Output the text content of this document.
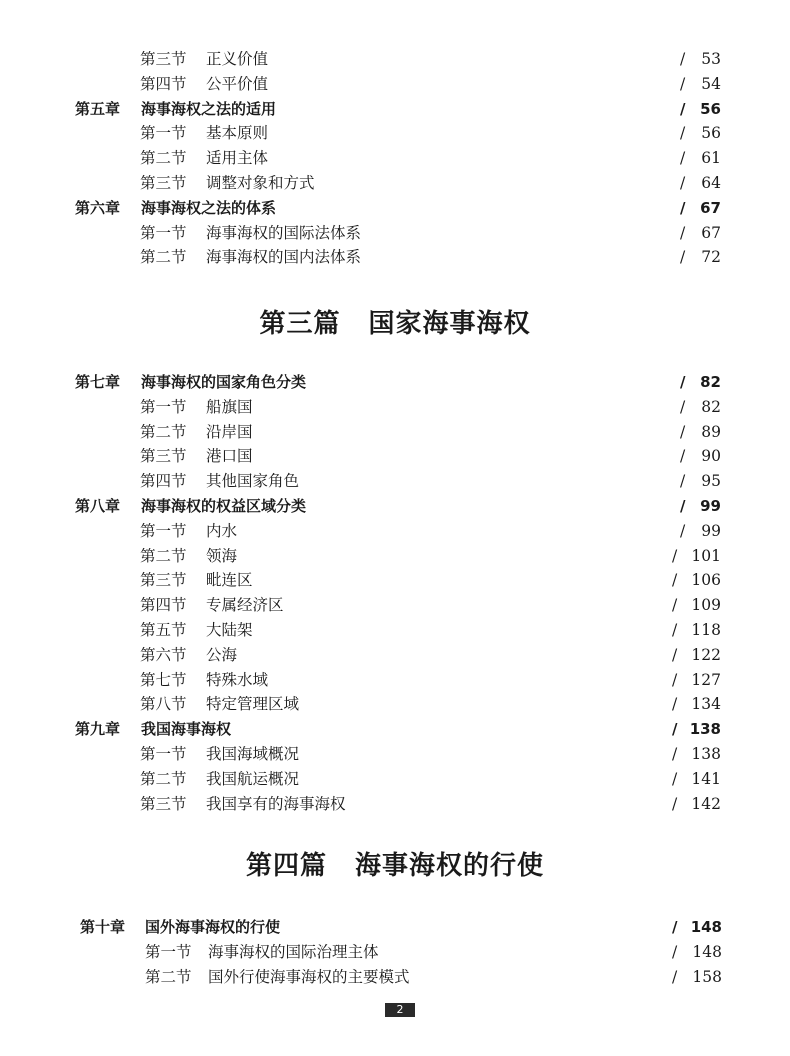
第三节	正义价值	/	53
第四节	公平价值	/	54
第五章	海事海权之法的适用	/ 56
第一节	基本原则	/	56
第二节	适用主体	/	61
第三节	调整对象和方式	/	64
第六章	海事海权之法的体系	/ 67
第一节	海事海权的国际法体系	/	67
第二节	海事海权的国内法体系	/	72
第三篇 国家海事海权
第七章	海事海权的国家角色分类	/ 82
第一节	船旗国	/	82
第二节	沿岸国	/	89
第三节	港口国	/	90
第四节	其他国家角色	/	95
第八章	海事海权的权益区域分类	/ 99
第一节	内水	/	99
第二节	领海	/ 101
第三节	毗连区	/ 106
第四节	专属经济区	/ 109
第五节	大陆架	/ 118
第六节	公海	/ 122
第七节	特殊水域	/ 127
第八节	特定管理区域	/ 134
第九章	我国海事海权	/ 138
第一节	我国海域概况	/ 138
第二节	我国航运概况	/ 141
第三节	我国享有的海事海权	/ 142
第四篇 海事海权的行使
第十章	国外海事海权的行使	/ 148
第一节	海事海权的国际治理主体	/ 148
第二节	国外行使海事海权的主要模式	/ 158
2
